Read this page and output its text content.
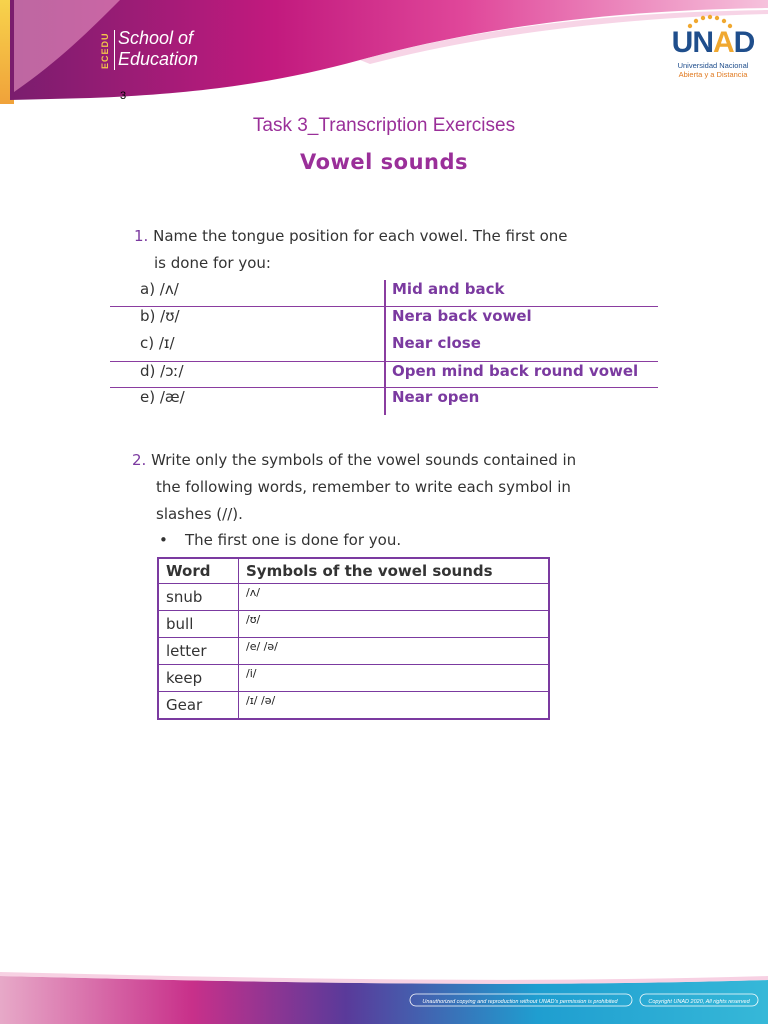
ECEDU School of
Education
3
UNAD
Universidad Nacional
Abierta y a Distancia
Task 3_Transcription Exercises
Vowel sounds
1. Name the tongue position for each vowel. The first one
is done for you:
a) /ʌ/	Mid and back
b) /ʊ/	Nera back vowel
c) /ɪ/	Near close
d) /ɔː/	Open mind back round vowel
e) /æ/	Near open
2. Write only the symbols of the vowel sounds contained in
the following words, remember to write each symbol in
slashes (//).
• The first one is done for you.
Word	Symbols of the vowel sounds
snub	/ʌ/
bull	/ʊ/
letter	/e/ /ə/
keep	/i/
Gear	/ɪ/ /ə/
Unauthorized copying and reproduction without UNAD's permission is prohibited	Copyright UNAD 2020, All rights reserved
